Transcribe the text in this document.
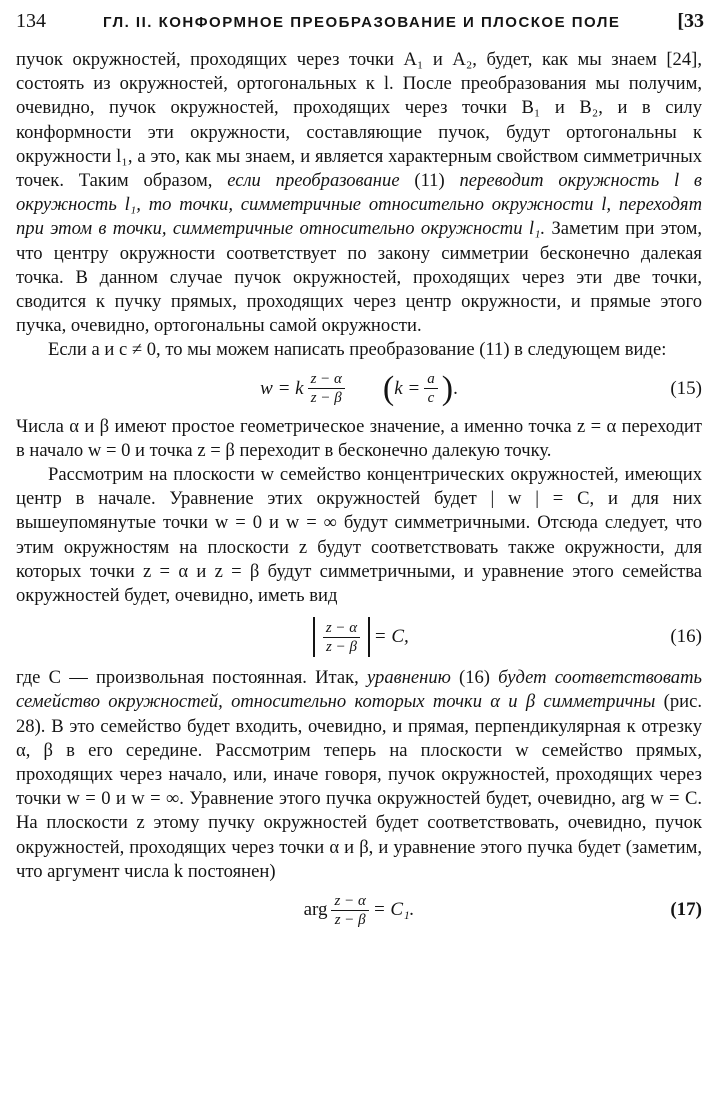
134	ГЛ. II. КОНФОРМНОЕ ПРЕОБРАЗОВАНИЕ И ПЛОСКОЕ ПОЛЕ	[33

пучок окружностей, проходящих через точки A₁ и A₂, будет, как мы знаем [24], состоять из окружностей, ортогональных к l. После преобразования мы получим, очевидно, пучок окружностей, проходящих через точки B₁ и B₂, и в силу конформности эти окружности, составляющие пучок, будут ортогональны к окружности l₁, а это, как мы знаем, и является характерным свойством симметричных точек. Таким образом, если преобразование (11) переводит окружность l в окружность l₁, то точки, симметричные относительно окружности l, переходят при этом в точки, симметричные относительно окружности l₁. Заметим при этом, что центру окружности соответствует по закону симметрии бесконечно далекая точка. В данном случае пучок окружностей, проходящих через эти две точки, сводится к пучку прямых, проходящих через центр окружности, и прямые этого пучка, очевидно, ортогональны самой окружности.

Если a и c ≠ 0, то мы можем написать преобразование (11) в следующем виде:

w = k $\frac{z - \alpha}{z - \beta}$ ( $k = \frac{a}{c}$ ) .	(15)

Числа α и β имеют простое геометрическое значение, а именно точка z = α переходит в начало w = 0 и точка z = β переходит в бесконечно далекую точку.

Рассмотрим на плоскости w семейство концентрических окружностей, имеющих центр в начале. Уравнение этих окружностей будет | w | = C, и для них вышеупомянутые точки w = 0 и w = ∞ будут симметричными. Отсюда следует, что этим окружностям на плоскости z будут соответствовать также окружности, для которых точки z = α и z = β будут симметричными, и уравнение этого семейства окружностей будет, очевидно, иметь вид

$\frac{z - \alpha}{z - \beta} = C$,	(16)

где C — произвольная постоянная. Итак, уравнению (16) будет соответствовать семейство окружностей, относительно которых точки α и β симметричны (рис. 28). В это семейство будет входить, очевидно, и прямая, перпендикулярная к отрезку α, β в его середине. Рассмотрим теперь на плоскости w семейство прямых, проходящих через начало, или, иначе говоря, пучок окружностей, проходящих через точки w = 0 и w = ∞. Уравнение этого пучка окружностей будет, очевидно, arg w = C. На плоскости z этому пучку окружностей будет соответствовать, очевидно, пучок окружностей, проходящих через точки α и β, и уравнение этого пучка будет (заметим, что аргумент числа k постоянен)

arg $\frac{z - \alpha}{z - \beta} = C_1$.	(17)
